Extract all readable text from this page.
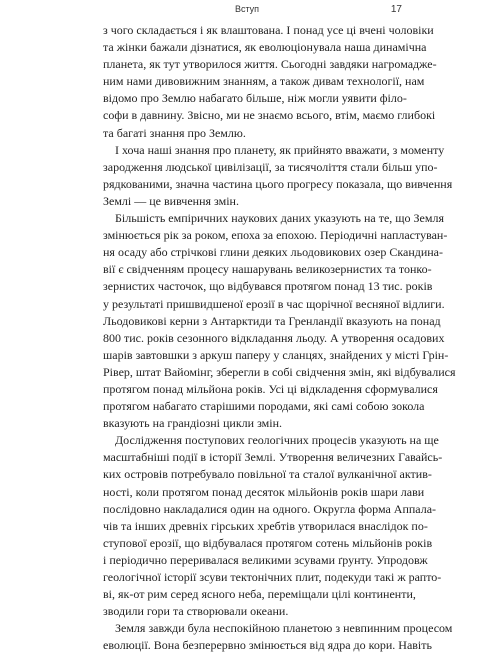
Вступ	17
з чого складається і як влаштована. І понад усе ці вчені чоловіки
та жінки бажали дізнатися, як еволюціонувала наша динамічна
планета, як тут утворилося життя. Сьогодні завдяки нагромадже-
ним нами дивовижним знанням, а також дивам технології, нам
відомо про Землю набагато більше, ніж могли уявити філо-
софи в давнину. Звісно, ми не знаємо всього, втім, маємо глибокі
та багаті знання про Землю.
І хоча наші знання про планету, як прийнято вважати, з моменту
зародження людської цивілізації, за тисячоліття стали більш упо-
рядкованими, значна частина цього прогресу показала, що вивчення
Землі — це вивчення змін.
Більшість емпіричних наукових даних указують на те, що Земля
змінюється рік за роком, епоха за епохою. Періодичні напластуван-
ня осаду або стрічкові глини деяких льодовикових озер Скандина-
вії є свідченням процесу нашарувань великозернистих та тонко-
зернистих часточок, що відбувався протягом понад 13 тис. років
у результаті пришвидшеної ерозії в час щорічної весняної відлиги.
Льодовикові керни з Антарктиди та Гренландії вказують на понад
800 тис. років сезонного відкладання льоду. А утворення осадових
шарів завтовшки з аркуш паперу у сланцях, знайдених у місті Грін-
Рівер, штат Вайомінг, зберегли в собі свідчення змін, які відбувалися
протягом понад мільйона років. Усі ці відкладення сформувалися
протягом набагато старішими породами, які самі собою зокола
вказують на грандіозні цикли змін.
Дослідження поступових геологічних процесів указують на ще
масштабніші події в історії Землі. Утворення величезних Гавайсь-
ких островів потребувало повільної та сталої вулканічної актив-
ності, коли протягом понад десяток мільйонів років шари лави
послідовно накладалися один на одного. Округла форма Аппала-
чів та інших древніх гірських хребтів утворилася внаслідок по-
ступової ерозії, що відбувалася протягом сотень мільйонів років
і періодично переривалася великими зсувами ґрунту. Упродовж
геологічної історії зсуви тектонічних плит, подекуди такі ж рапто-
ві, як-от рим серед ясного неба, переміщали цілі континенти,
зводили гори та створювали океани.
Земля завжди була неспокійною планетою з невпинним процесом
еволюції. Вона безперервно змінюється від ядра до кори. Навіть
